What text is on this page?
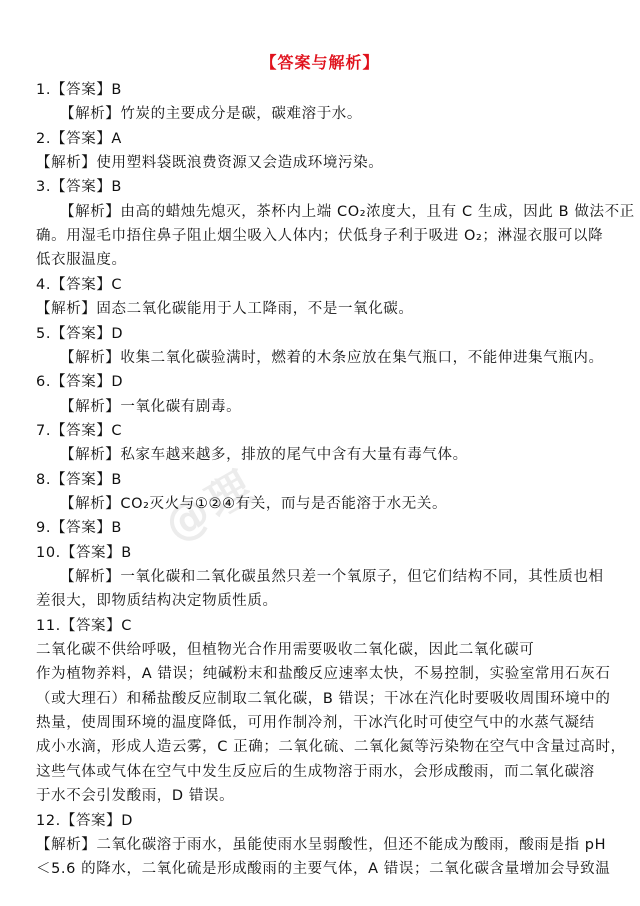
@理
【答案与解析】
1.【答案】B
【解析】竹炭的主要成分是碳，碳难溶于水。
2.【答案】A
【解析】使用塑料袋既浪费资源又会造成环境污染。
3.【答案】B
【解析】由高的蜡烛先熄灭，茶杯内上端 CO₂浓度大，且有 C 生成，因此 B 做法不正
确。用湿毛巾捂住鼻子阻止烟尘吸入人体内；伏低身子利于吸进 O₂；淋湿衣服可以降
低衣服温度。
4.【答案】C
【解析】固态二氧化碳能用于人工降雨，不是一氧化碳。
5.【答案】D
【解析】收集二氧化碳验满时，燃着的木条应放在集气瓶口，不能伸进集气瓶内。
6.【答案】D
【解析】一氧化碳有剧毒。
7.【答案】C
【解析】私家车越来越多，排放的尾气中含有大量有毒气体。
8.【答案】B
【解析】CO₂灭火与①②④有关，而与是否能溶于水无关。
9.【答案】B
10.【答案】B
【解析】一氧化碳和二氧化碳虽然只差一个氧原子，但它们结构不同，其性质也相
差很大，即物质结构决定物质性质。
11.【答案】C
二氧化碳不供给呼吸，但植物光合作用需要吸收二氧化碳，因此二氧化碳可
作为植物养料，A 错误；纯碱粉末和盐酸反应速率太快，不易控制，实验室常用石灰石
（或大理石）和稀盐酸反应制取二氧化碳，B 错误；干冰在汽化时要吸收周围环境中的
热量，使周围环境的温度降低，可用作制冷剂，干冰汽化时可使空气中的水蒸气凝结
成小水滴，形成人造云雾，C 正确；二氧化硫、二氧化氮等污染物在空气中含量过高时，
这些气体或气体在空气中发生反应后的生成物溶于雨水，会形成酸雨，而二氧化碳溶
于水不会引发酸雨，D 错误。
12.【答案】D
【解析】二氧化碳溶于雨水，虽能使雨水呈弱酸性，但还不能成为酸雨，酸雨是指 pH
＜5.6 的降水，二氧化硫是形成酸雨的主要气体，A 错误；二氧化碳含量增加会导致温
